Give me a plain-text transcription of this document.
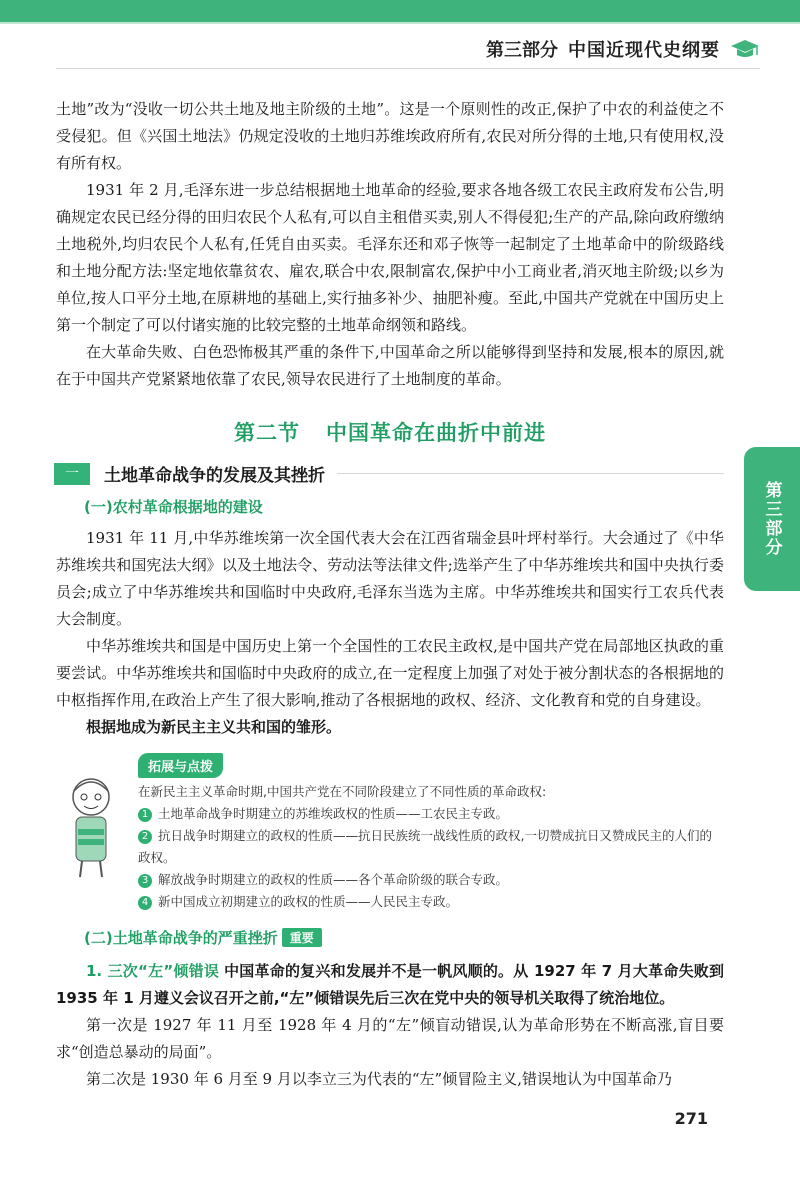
第三部分 中国近现代史纲要

土地”改为“没收一切公共土地及地主阶级的土地”。这是一个原则性的改正,保护了中农的利益使之不受侵犯。但《兴国土地法》仍规定没收的土地归苏维埃政府所有,农民对所分得的土地,只有使用权,没有所有权。

1931 年 2 月,毛泽东进一步总结根据地土地革命的经验,要求各地各级工农民主政府发布公告,明确规定农民已经分得的田归农民个人私有,可以自主租借买卖,别人不得侵犯;生产的产品,除向政府缴纳土地税外,均归农民个人私有,任凭自由买卖。毛泽东还和邓子恢等一起制定了土地革命中的阶级路线和土地分配方法:坚定地依靠贫农、雇农,联合中农,限制富农,保护中小工商业者,消灭地主阶级;以乡为单位,按人口平分土地,在原耕地的基础上,实行抽多补少、抽肥补瘦。至此,中国共产党就在中国历史上第一个制定了可以付诸实施的比较完整的土地革命纲领和路线。

在大革命失败、白色恐怖极其严重的条件下,中国革命之所以能够得到坚持和发展,根本的原因,就在于中国共产党紧紧地依靠了农民,领导农民进行了土地制度的革命。

第二节 中国革命在曲折中前进
一	土地革命战争的发展及其挫折
(一)农村革命根据地的建设

1931 年 11 月,中华苏维埃第一次全国代表大会在江西省瑞金县叶坪村举行。大会通过了《中华苏维埃共和国宪法大纲》以及土地法令、劳动法等法律文件;选举产生了中华苏维埃共和国中央执行委员会;成立了中华苏维埃共和国临时中央政府,毛泽东当选为主席。中华苏维埃共和国实行工农兵代表大会制度。

中华苏维埃共和国是中国历史上第一个全国性的工农民主政权,是中国共产党在局部地区执政的重要尝试。中华苏维埃共和国临时中央政府的成立,在一定程度上加强了对处于被分割状态的各根据地的中枢指挥作用,在政治上产生了很大影响,推动了各根据地的政权、经济、文化教育和党的自身建设。

根据地成为新民主主义共和国的雏形。

拓展与点拨
在新民主主义革命时期,中国共产党在不同阶段建立了不同性质的革命政权:
1 土地革命战争时期建立的苏维埃政权的性质——工农民主专政。
2 抗日战争时期建立的政权的性质——抗日民族统一战线性质的政权,一切赞成抗日又赞成民主的人们的政权。
3 解放战争时期建立的政权的性质——各个革命阶级的联合专政。
4 新中国成立初期建立的政权的性质——人民民主专政。
(二)土地革命战争的严重挫折	重要

1. 三次“左”倾错误 中国革命的复兴和发展并不是一帆风顺的。从 1927 年 7 月大革命失败到 1935 年 1 月遵义会议召开之前,“左”倾错误先后三次在党中央的领导机关取得了统治地位。

第一次是 1927 年 11 月至 1928 年 4 月的“左”倾盲动错误,认为革命形势在不断高涨,盲目要求“创造总暴动的局面”。

第二次是 1930 年 6 月至 9 月以李立三为代表的“左”倾冒险主义,错误地认为中国革命乃

第三部分
271
